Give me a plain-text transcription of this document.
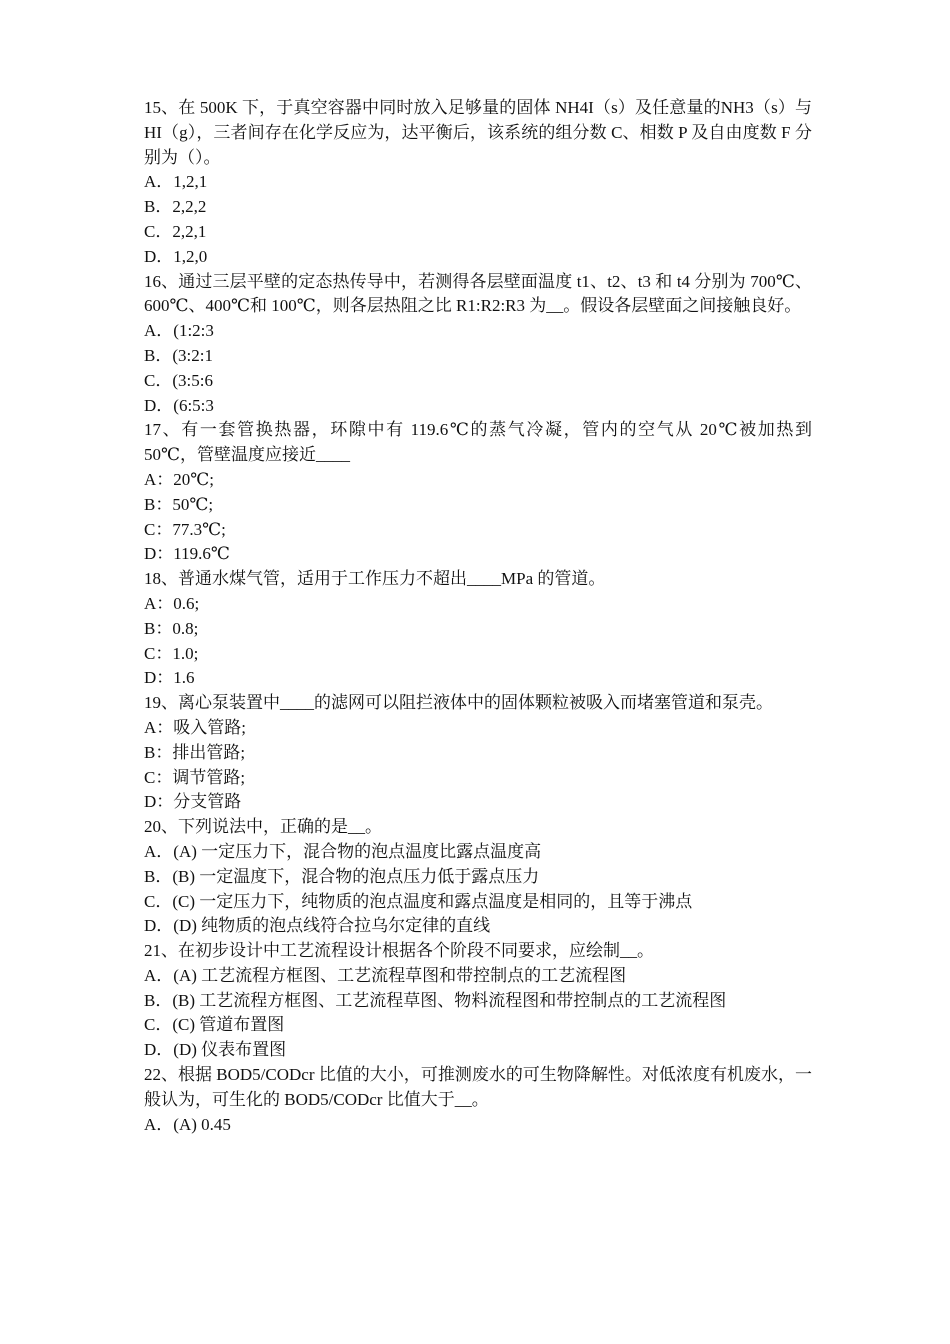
15、在 500K 下，于真空容器中同时放入足够量的固体 NH4I（s）及任意量的NH3（s）与 HI（g），三者间存在化学反应为，达平衡后，该系统的组分数 C、相数 P 及自由度数 F 分别为（）。

A．1,2,1

B．2,2,2

C．2,2,1

D．1,2,0

16、通过三层平壁的定态热传导中，若测得各层壁面温度 t1、t2、t3 和 t4 分别为 700℃、600℃、400℃和 100℃，则各层热阻之比 R1:R2:R3 为__。假设各层壁面之间接触良好。

A．(1:2:3

B．(3:2:1

C．(3:5:6

D．(6:5:3

17、有一套管换热器，环隙中有 119.6℃的蒸气冷凝，管内的空气从 20℃被加热到 50℃，管壁温度应接近____

A：20℃;

B：50℃;

C：77.3℃;

D：119.6℃

18、普通水煤气管，适用于工作压力不超出____MPa 的管道。

A：0.6;

B：0.8;

C：1.0;

D：1.6

19、离心泵装置中____的滤网可以阻拦液体中的固体颗粒被吸入而堵塞管道和泵壳。

A：吸入管路;

B：排出管路;

C：调节管路;

D：分支管路

20、下列说法中，正确的是__。

A．(A) 一定压力下，混合物的泡点温度比露点温度高

B．(B) 一定温度下，混合物的泡点压力低于露点压力

C．(C) 一定压力下，纯物质的泡点温度和露点温度是相同的，且等于沸点

D．(D) 纯物质的泡点线符合拉乌尔定律的直线

21、在初步设计中工艺流程设计根据各个阶段不同要求，应绘制__。

A．(A) 工艺流程方框图、工艺流程草图和带控制点的工艺流程图

B．(B) 工艺流程方框图、工艺流程草图、物料流程图和带控制点的工艺流程图

C．(C) 管道布置图

D．(D) 仪表布置图

22、根据 BOD5/CODcr 比值的大小，可推测废水的可生物降解性。对低浓度有机废水，一般认为，可生化的 BOD5/CODcr 比值大于__。

A．(A) 0.45
